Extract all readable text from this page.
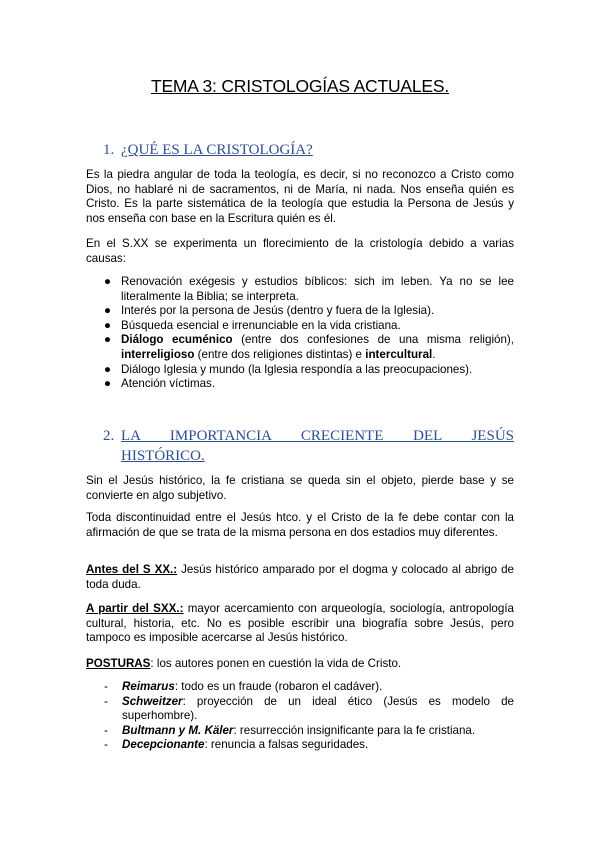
TEMA 3: CRISTOLOGÍAS ACTUALES.
1. ¿QUÉ ES LA CRISTOLOGÍA?
Es la piedra angular de toda la teología, es decir, si no reconozco a Cristo como Dios, no hablaré ni de sacramentos, ni de María, ni nada. Nos enseña quién es Cristo. Es la parte sistemática de la teología que estudia la Persona de Jesús y nos enseña con base en la Escritura quién es él.
En el S.XX se experimenta un florecimiento de la cristología debido a varias causas:
● Renovación exégesis y estudios bíblicos: sich im leben. Ya no se lee literalmente la Biblia; se interpreta.
● Interés por la persona de Jesús (dentro y fuera de la Iglesia).
● Búsqueda esencial e irrenunciable en la vida cristiana.
● Diálogo ecuménico (entre dos confesiones de una misma religión), interreligioso (entre dos religiones distintas) e intercultural.
● Diálogo Iglesia y mundo (la Iglesia respondía a las preocupaciones).
● Atención víctimas.
2. LA IMPORTANCIA CRECIENTE DEL JESÚS
HISTÓRICO.
Sin el Jesús histórico, la fe cristiana se queda sin el objeto, pierde base y se convierte en algo subjetivo.
Toda discontinuidad entre el Jesús htco. y el Cristo de la fe debe contar con la afirmación de que se trata de la misma persona en dos estadios muy diferentes.
Antes del S XX.: Jesús histórico amparado por el dogma y colocado al abrigo de toda duda.
A partir del SXX.: mayor acercamiento con arqueología, sociología, antropología cultural, historia, etc. No es posible escribir una biografía sobre Jesús, pero tampoco es imposible acercarse al Jesús histórico.
POSTURAS: los autores ponen en cuestión la vida de Cristo.
- Reimarus: todo es un fraude (robaron el cadáver).
- Schweitzer: proyección de un ideal ético (Jesús es modelo de superhombre).
- Bultmann y M. Käler: resurrección insignificante para la fe cristiana.
- Decepcionante: renuncia a falsas seguridades.
